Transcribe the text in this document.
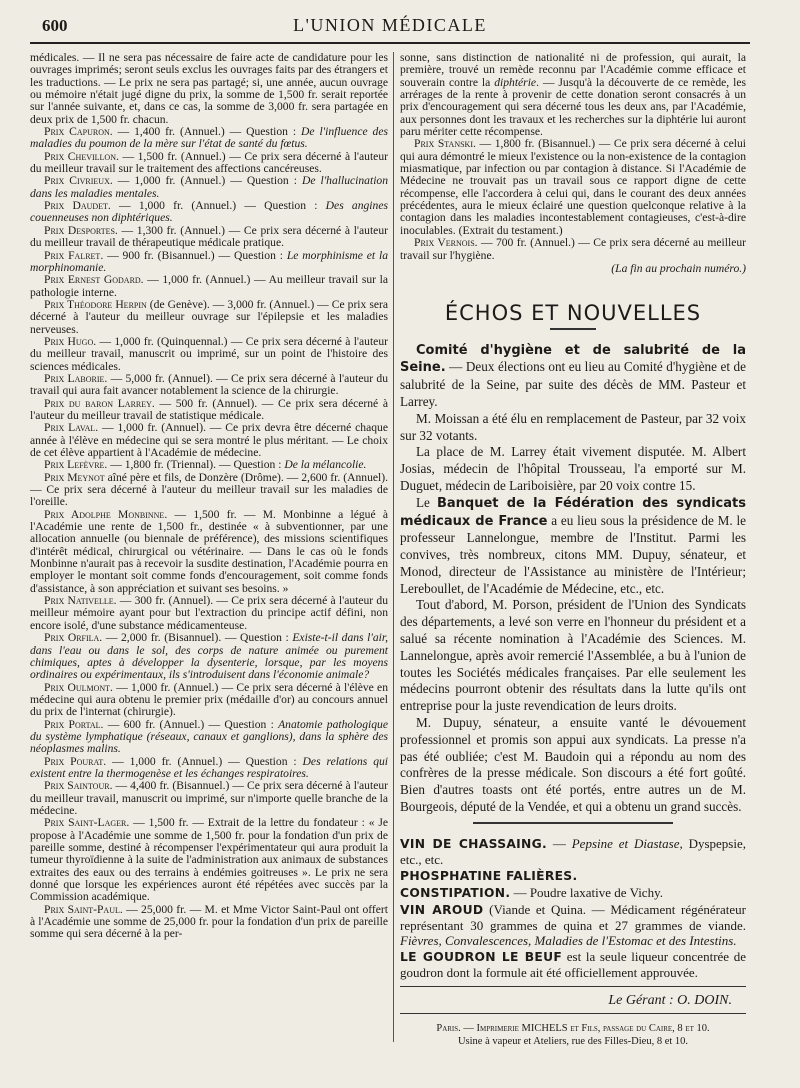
600	L'UNION MÉDICALE

médicales. — Il ne sera pas nécessaire de faire acte de candidature pour les ouvrages imprimés; seront seuls exclus les ouvrages faits par des étrangers et les traductions. — Le prix ne sera pas partagé; si, une année, aucun ouvrage ou mémoire n'était jugé digne du prix, la somme de 1,500 fr. serait reportée sur l'année suivante, et, dans ce cas, la somme de 3,000 fr. sera partagée en deux prix de 1,500 fr. chacun.

Prix Capuron. — 1,400 fr. (Annuel.) — Question : De l'influence des maladies du poumon de la mère sur l'état de santé du fœtus.

Prix Chevillon. — 1,500 fr. (Annuel.) — Ce prix sera décerné à l'auteur du meilleur travail sur le traitement des affections cancéreuses.

Prix Civrieux. — 1,000 fr. (Annuel.) — Question : De l'hallucination dans les maladies mentales.

Prix Daudet. — 1,000 fr. (Annuel.) — Question : Des angines couenneuses non diphtériques.

Prix Desportes. — 1,300 fr. (Annuel.) — Ce prix sera décerné à l'auteur du meilleur travail de thérapeutique médicale pratique.

Prix Falret. — 900 fr. (Bisannuel.) — Question : Le morphinisme et la morphinomanie.

Prix Ernest Godard. — 1,000 fr. (Annuel.) — Au meilleur travail sur la pathologie interne.

Prix Théodore Herpin (de Genève). — 3,000 fr. (Annuel.) — Ce prix sera décerné à l'auteur du meilleur ouvrage sur l'épilepsie et les maladies nerveuses.

Prix Hugo. — 1,000 fr. (Quinquennal.) — Ce prix sera décerné à l'auteur du meilleur travail, manuscrit ou imprimé, sur un point de l'histoire des sciences médicales.

Prix Laborie. — 5,000 fr. (Annuel). — Ce prix sera décerné à l'auteur du travail qui aura fait avancer notablement la science de la chirurgie.

Prix du baron Larrey. — 500 fr. (Annuel). — Ce prix sera décerné à l'auteur du meilleur travail de statistique médicale.

Prix Laval. — 1,000 fr. (Annuel). — Ce prix devra être décerné chaque année à l'élève en médecine qui se sera montré le plus méritant. — Le choix de cet élève appartient à l'Académie de médecine.

Prix Lefèvre. — 1,800 fr. (Triennal). — Question : De la mélancolie.

Prix Meynot aîné père et fils, de Donzère (Drôme). — 2,600 fr. (Annuel). — Ce prix sera décerné à l'auteur du meilleur travail sur les maladies de l'oreille.

Prix Adolphe Monbinne. — 1,500 fr. — M. Monbinne a légué à l'Académie une rente de 1,500 fr., destinée « à subventionner, par une allocation annuelle (ou biennale de préférence), des missions scientifiques d'intérêt médical, chirurgical ou vétérinaire. — Dans le cas où le fonds Monbinne n'aurait pas à recevoir la susdite destination, l'Académie pourra en employer le montant soit comme fonds d'encouragement, soit comme fonds d'assistance, à son appréciation et suivant ses besoins. »

Prix Nativelle. — 300 fr. (Annuel). — Ce prix sera décerné à l'auteur du meilleur mémoire ayant pour but l'extraction du principe actif défini, non encore isolé, d'une substance médicamenteuse.

Prix Orfila. — 2,000 fr. (Bisannuel). — Question : Existe-t-il dans l'air, dans l'eau ou dans le sol, des corps de nature animée ou purement chimiques, aptes à développer la dysenterie, lorsque, par les moyens ordinaires ou expérimentaux, ils s'introduisent dans l'économie animale?

Prix Oulmont. — 1,000 fr. (Annuel.) — Ce prix sera décerné à l'élève en médecine qui aura obtenu le premier prix (médaille d'or) au concours annuel du prix de l'internat (chirurgie).

Prix Portal. — 600 fr. (Annuel.) — Question : Anatomie pathologique du système lymphatique (réseaux, canaux et ganglions), dans la sphère des néoplasmes malins.

Prix Pourat. — 1,000 fr. (Annuel.) — Question : Des relations qui existent entre la thermogenèse et les échanges respiratoires.

Prix Saintour. — 4,400 fr. (Bisannuel.) — Ce prix sera décerné à l'auteur du meilleur travail, manuscrit ou imprimé, sur n'importe quelle branche de la médecine.

Prix Saint-Lager. — 1,500 fr. — Extrait de la lettre du fondateur : « Je propose à l'Académie une somme de 1,500 fr. pour la fondation d'un prix de pareille somme, destiné à récompenser l'expérimentateur qui aura produit la tumeur thyroïdienne à la suite de l'administration aux animaux de substances extraites des eaux ou des terrains à endémies goitreuses ». Le prix ne sera donné que lorsque les expériences auront été répétées avec succès par la Commission académique.

Prix Saint-Paul. — 25,000 fr. — M. et Mme Victor Saint-Paul ont offert à l'Académie une somme de 25,000 fr. pour la fondation d'un prix de pareille somme qui sera décerné à la per-

sonne, sans distinction de nationalité ni de profession, qui aurait, la première, trouvé un remède reconnu par l'Académie comme efficace et souverain contre la diphtérie. — Jusqu'à la découverte de ce remède, les arrérages de la rente à provenir de cette donation seront consacrés à un prix d'encouragement qui sera décerné tous les deux ans, par l'Académie, aux personnes dont les travaux et les recherches sur la diphtérie lui auront paru mériter cette récompense.

Prix Stanski. — 1,800 fr. (Bisannuel.) — Ce prix sera décerné à celui qui aura démontré le mieux l'existence ou la non-existence de la contagion miasmatique, par infection ou par contagion à distance. Si l'Académie de Médecine ne trouvait pas un travail sous ce rapport digne de cette récompense, elle l'accordera à celui qui, dans le courant des deux années précédentes, aura le mieux éclairé une question quelconque relative à la contagion dans les maladies incontestablement contagieuses, c'est-à-dire inoculables. (Extrait du testament.)

Prix Vernois. — 700 fr. (Annuel.) — Ce prix sera décerné au meilleur travail sur l'hygiène.

(La fin au prochain numéro.)
ÉCHOS ET NOUVELLES

Comité d'hygiène et de salubrité de la Seine. — Deux élections ont eu lieu au Comité d'hygiène et de salubrité de la Seine, par suite des décès de MM. Pasteur et Larrey.

M. Moissan a été élu en remplacement de Pasteur, par 32 voix sur 32 votants.

La place de M. Larrey était vivement disputée. M. Albert Josias, médecin de l'hôpital Trousseau, l'a emporté sur M. Duguet, médecin de Lariboisière, par 20 voix contre 15.

Le Banquet de la Fédération des syndicats médicaux de France a eu lieu sous la présidence de M. le professeur Lannelongue, membre de l'Institut. Parmi les convives, très nombreux, citons MM. Dupuy, sénateur, et Monod, directeur de l'Assistance au ministère de l'Intérieur; Lereboullet, de l'Académie de Médecine, etc., etc.

Tout d'abord, M. Porson, président de l'Union des Syndicats des départements, a levé son verre en l'honneur du président et a salué sa récente nomination à l'Académie des Sciences. M. Lannelongue, après avoir remercié l'Assemblée, a bu à l'union de toutes les Sociétés médicales françaises. Par elle seulement les médecins pourront obtenir des résultats dans la lutte qu'ils ont entreprise pour la juste revendication de leurs droits.

M. Dupuy, sénateur, a ensuite vanté le dévouement professionnel et promis son appui aux syndicats. La presse n'a pas été oubliée; c'est M. Baudoin qui a répondu au nom des confrères de la presse médicale. Son discours a été fort goûté. Bien d'autres toasts ont été portés, entre autres un de M. Bourgeois, député de la Vendée, et qui a obtenu un grand succès.

VIN DE CHASSAING. — Pepsine et Diastase, Dyspepsie, etc., etc.

PHOSPHATINE FALIÈRES.

CONSTIPATION. — Poudre laxative de Vichy.

VIN AROUD (Viande et Quina. — Médicament régénérateur représentant 30 grammes de quina et 27 grammes de viande. Fièvres, Convalescences, Maladies de l'Estomac et des Intestins.

LE GOUDRON LE BEUF est la seule liqueur concentrée de goudron dont la formule ait été officiellement approuvée.

Le Gérant : O. DOIN.
Paris. — Imprimerie MICHELS et Fils, passage du Caire, 8 et 10.
Usine à vapeur et Ateliers, rue des Filles-Dieu, 8 et 10.
